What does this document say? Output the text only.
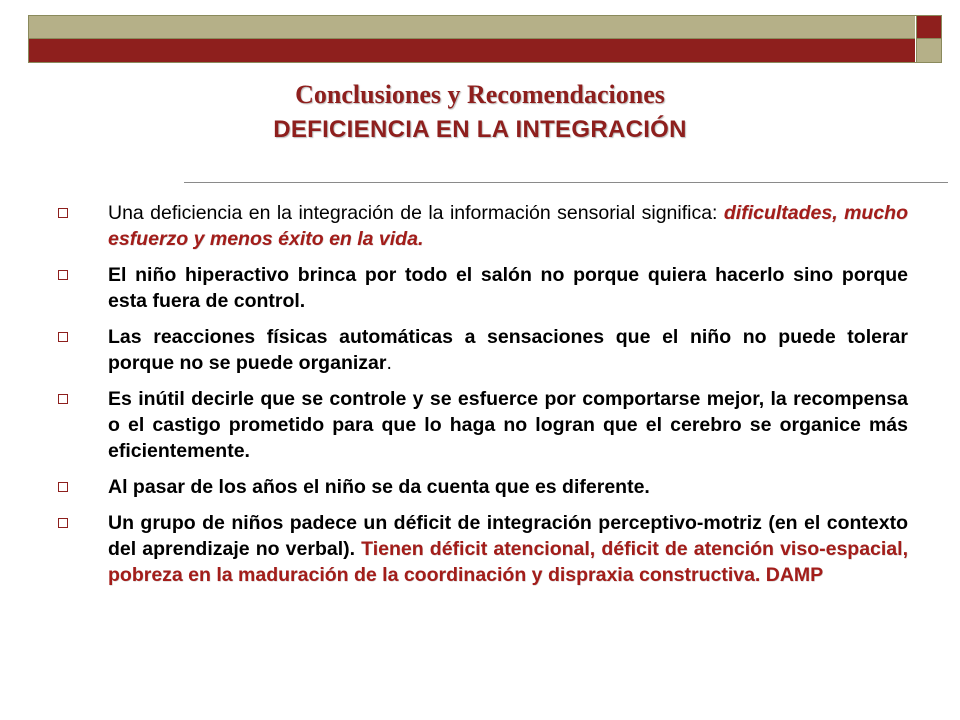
Conclusiones y Recomendaciones
DEFICIENCIA EN LA INTEGRACIÓN
Una deficiencia en la integración de la información sensorial significa: dificultades, mucho esfuerzo y menos éxito en la vida.
El niño hiperactivo brinca por todo el salón no porque quiera hacerlo sino porque esta fuera de control.
Las reacciones físicas automáticas a sensaciones que el niño no puede tolerar porque no se puede organizar.
Es inútil decirle que se controle y se esfuerce por comportarse mejor, la recompensa o el castigo prometido para que lo haga no logran que el cerebro se organice más eficientemente.
Al pasar de los años el niño se da cuenta que es diferente.
Un grupo de niños padece un déficit de integración perceptivo-motriz (en el contexto del aprendizaje no verbal). Tienen déficit atencional, déficit de atención viso-espacial, pobreza en la maduración de la coordinación y dispraxia constructiva. DAMP
